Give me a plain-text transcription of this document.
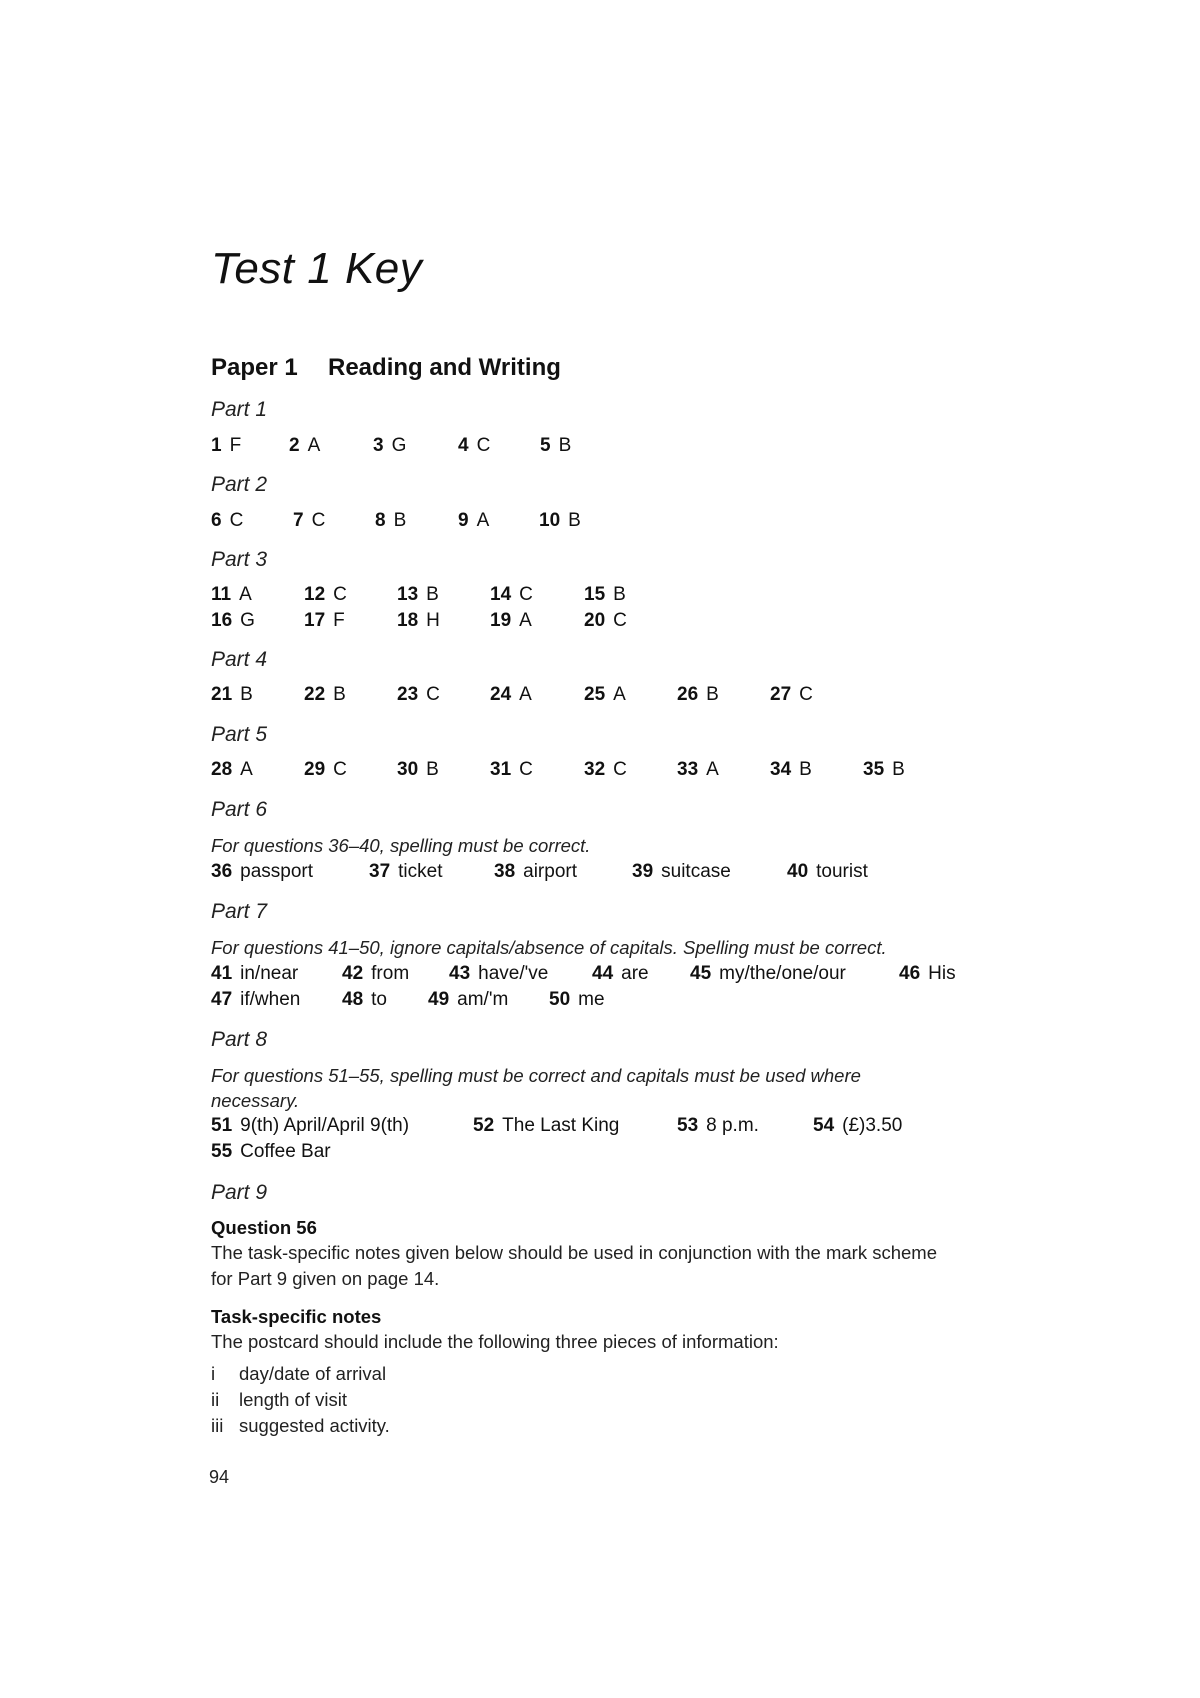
Test 1 Key
Paper 1 Reading and Writing
Part 1
1 F	2 A	3 G	4 C	5 B
Part 2
6 C	7 C	8 B	9 A	10 B
Part 3
11 A	12 C	13 B	14 C	15 B
16 G	17 F	18 H	19 A	20 C
Part 4
21 B	22 B	23 C	24 A	25 A	26 B	27 C
Part 5
28 A	29 C	30 B	31 C	32 C	33 A	34 B	35 B
Part 6
For questions 36–40, spelling must be correct.
36 passport	37 ticket	38 airport	39 suitcase	40 tourist
Part 7
For questions 41–50, ignore capitals/absence of capitals. Spelling must be correct.
41 in/near 42 from 43 have/'ve 44 are 45 my/the/one/our	46 His
47 if/when 48 to 49 am/'m 50 me
Part 8
For questions 51–55, spelling must be correct and capitals must be used where
necessary.
51 9(th) April/April 9(th)	52 The Last King	53 8 p.m.	54 (£)3.50
55 Coffee Bar
Part 9
Question 56
The task-specific notes given below should be used in conjunction with the mark scheme for Part 9 given on page 14.
Task-specific notes
The postcard should include the following three pieces of information:
i day/date of arrival
ii length of visit
iii suggested activity.
94
